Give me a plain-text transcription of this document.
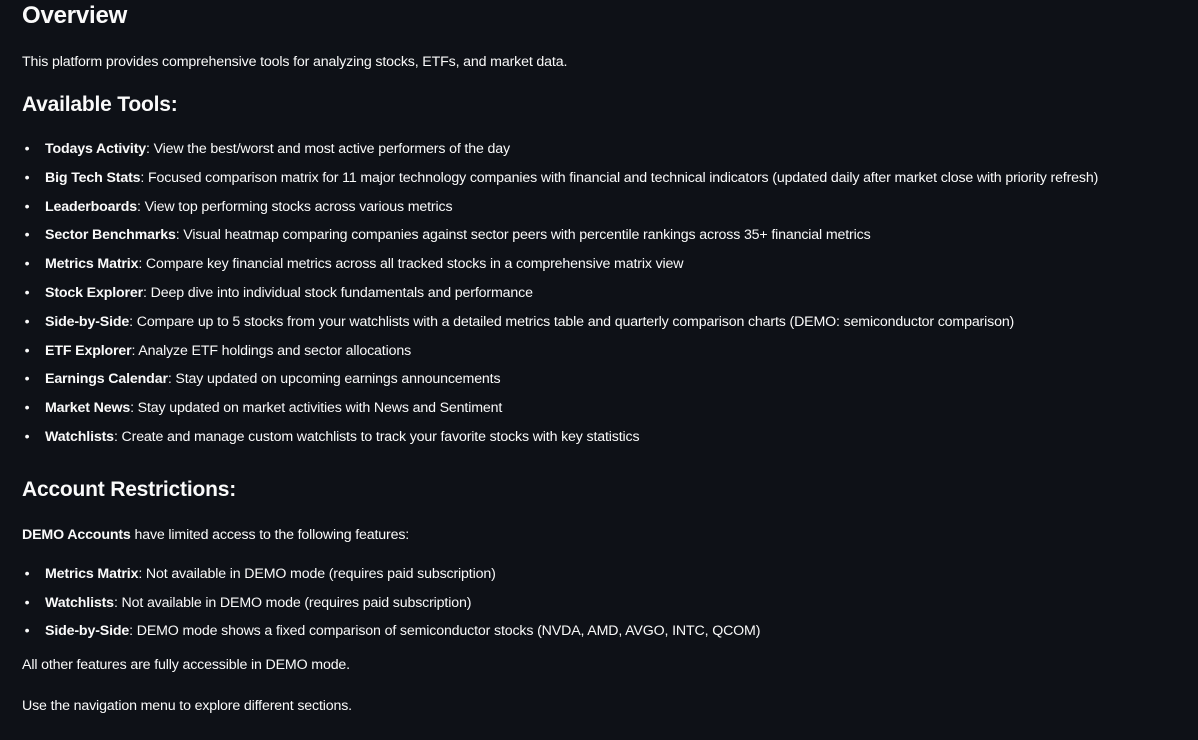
Overview

This platform provides comprehensive tools for analyzing stocks, ETFs, and market data.

Available Tools:
• Todays Activity: View the best/worst and most active performers of the day
• Big Tech Stats: Focused comparison matrix for 11 major technology companies with financial and technical indicators (updated daily after market close with priority refresh)
• Leaderboards: View top performing stocks across various metrics
• Sector Benchmarks: Visual heatmap comparing companies against sector peers with percentile rankings across 35+ financial metrics
• Metrics Matrix: Compare key financial metrics across all tracked stocks in a comprehensive matrix view
• Stock Explorer: Deep dive into individual stock fundamentals and performance
• Side-by-Side: Compare up to 5 stocks from your watchlists with a detailed metrics table and quarterly comparison charts (DEMO: semiconductor comparison)
• ETF Explorer: Analyze ETF holdings and sector allocations
• Earnings Calendar: Stay updated on upcoming earnings announcements
• Market News: Stay updated on market activities with News and Sentiment
• Watchlists: Create and manage custom watchlists to track your favorite stocks with key statistics
Account Restrictions:

DEMO Accounts have limited access to the following features:

• Metrics Matrix: Not available in DEMO mode (requires paid subscription)
• Watchlists: Not available in DEMO mode (requires paid subscription)
• Side-by-Side: DEMO mode shows a fixed comparison of semiconductor stocks (NVDA, AMD, AVGO, INTC, QCOM)

All other features are fully accessible in DEMO mode.

Use the navigation menu to explore different sections.
